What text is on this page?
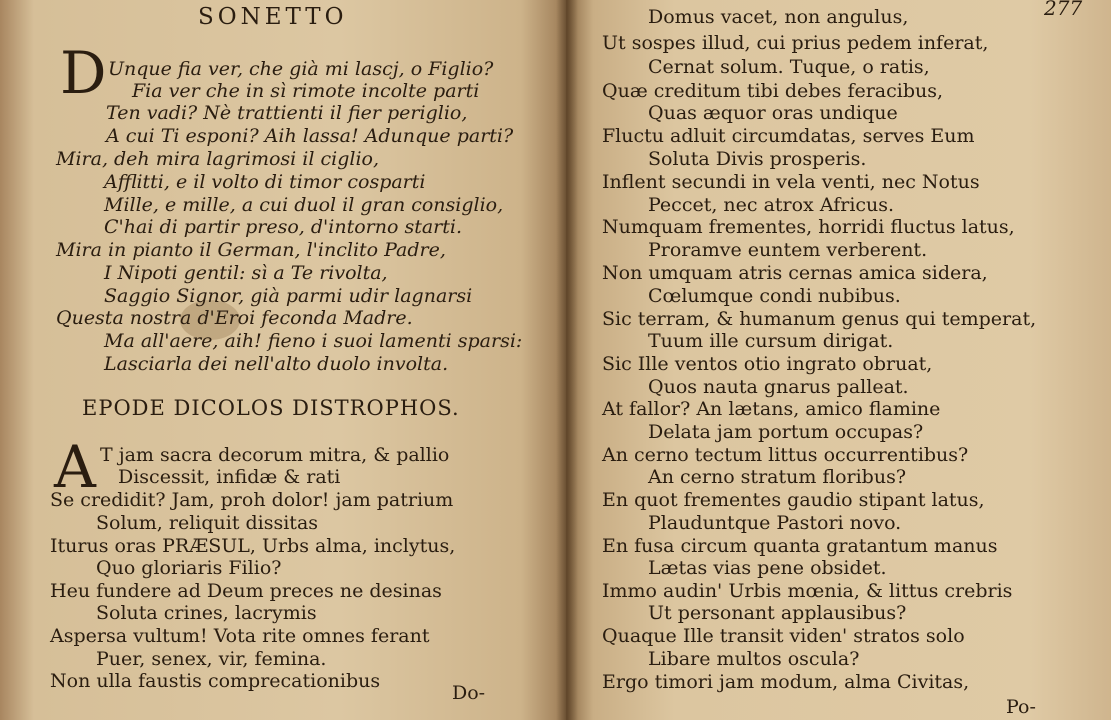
SONETTO
D Unque fia ver, che già mi lascj, o Figlio?
Fia ver che in sì rimote incolte parti
Ten vadi? Nè trattienti il fier periglio,
A cui Ti esponi? Aih lassa! Adunque parti?
Mira, deh mira lagrimosi il ciglio,
Afflitti, e il volto di timor cosparti
Mille, e mille, a cui duol il gran consiglio,
C'hai di partir preso, d'intorno starti.
Mira in pianto il German, l'inclito Padre,
I Nipoti gentil: sì a Te rivolta,
Saggio Signor, già parmi udir lagnarsi
Questa nostra d'Eroi feconda Madre.
Ma all'aere, aih! fieno i suoi lamenti sparsi:
Lasciarla dei nell'alto duolo involta.
EPODE DICOLOS DISTROPHOS.
A T jam sacra decorum mitra, & pallio
Discessit, infidæ & rati
Se credidit? Jam, proh dolor! jam patrium
Solum, reliquit dissitas
Iturus oras PRÆSUL, Urbs alma, inclytus,
Quo gloriaris Filio?
Heu fundere ad Deum preces ne desinas
Soluta crines, lacrymis
Aspersa vultum! Vota rite omnes ferant
Puer, senex, vir, femina.
Non ulla faustis comprecationibus
Do-
277
Domus vacet, non angulus,
Ut sospes illud, cui prius pedem inferat,
Cernat solum. Tuque, o ratis,
Quæ creditum tibi debes feracibus,
Quas æquor oras undique
Fluctu adluit circumdatas, serves Eum
Soluta Divis prosperis.
Inflent secundi in vela venti, nec Notus
Peccet, nec atrox Africus.
Numquam frementes, horridi fluctus latus,
Proramve euntem verberent.
Non umquam atris cernas amica sidera,
Cœlumque condi nubibus.
Sic terram, & humanum genus qui temperat,
Tuum ille cursum dirigat.
Sic Ille ventos otio ingrato obruat,
Quos nauta gnarus palleat.
At fallor? An lætans, amico flamine
Delata jam portum occupas?
An cerno tectum littus occurrentibus?
An cerno stratum floribus?
En quot frementes gaudio stipant latus,
Plauduntque Pastori novo.
En fusa circum quanta gratantum manus
Lætas vias pene obsidet.
Immo audin' Urbis mœnia, & littus crebris
Ut personant applausibus?
Quaque Ille transit viden' stratos solo
Libare multos oscula?
Ergo timori jam modum, alma Civitas,
Po-
